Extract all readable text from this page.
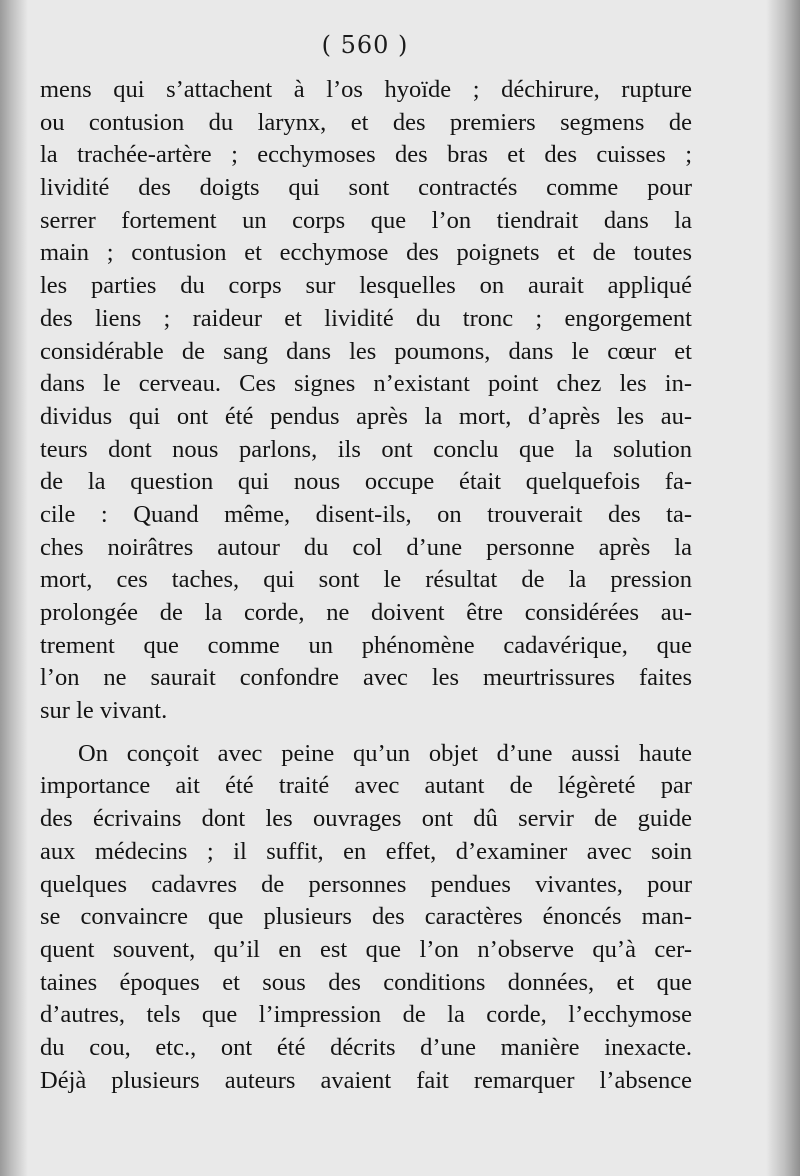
( 560 )
mens qui s’attachent à l’os hyoïde ; déchirure, rupture
ou contusion du larynx, et des premiers segmens de
la trachée-artère ; ecchymoses des bras et des cuisses ;
lividité des doigts qui sont contractés comme pour
serrer fortement un corps que l’on tiendrait dans la
main ; contusion et ecchymose des poignets et de toutes
les parties du corps sur lesquelles on aurait appliqué
des liens ; raideur et lividité du tronc ; engorgement
considérable de sang dans les poumons, dans le cœur et
dans le cerveau. Ces signes n’existant point chez les in-
dividus qui ont été pendus après la mort, d’après les au-
teurs dont nous parlons, ils ont conclu que la solution
de la question qui nous occupe était quelquefois fa-
cile : Quand même, disent-ils, on trouverait des ta-
ches noirâtres autour du col d’une personne après la
mort, ces taches, qui sont le résultat de la pression
prolongée de la corde, ne doivent être considérées au-
trement que comme un phénomène cadavérique, que
l’on ne saurait confondre avec les meurtrissures faites
sur le vivant.
On conçoit avec peine qu’un objet d’une aussi haute
importance ait été traité avec autant de légèreté par
des écrivains dont les ouvrages ont dû servir de guide
aux médecins ; il suffit, en effet, d’examiner avec soin
quelques cadavres de personnes pendues vivantes, pour
se convaincre que plusieurs des caractères énoncés man-
quent souvent, qu’il en est que l’on n’observe qu’à cer-
taines époques et sous des conditions données, et que
d’autres, tels que l’impression de la corde, l’ecchymose
du cou, etc., ont été décrits d’une manière inexacte.
Déjà plusieurs auteurs avaient fait remarquer l’absence
